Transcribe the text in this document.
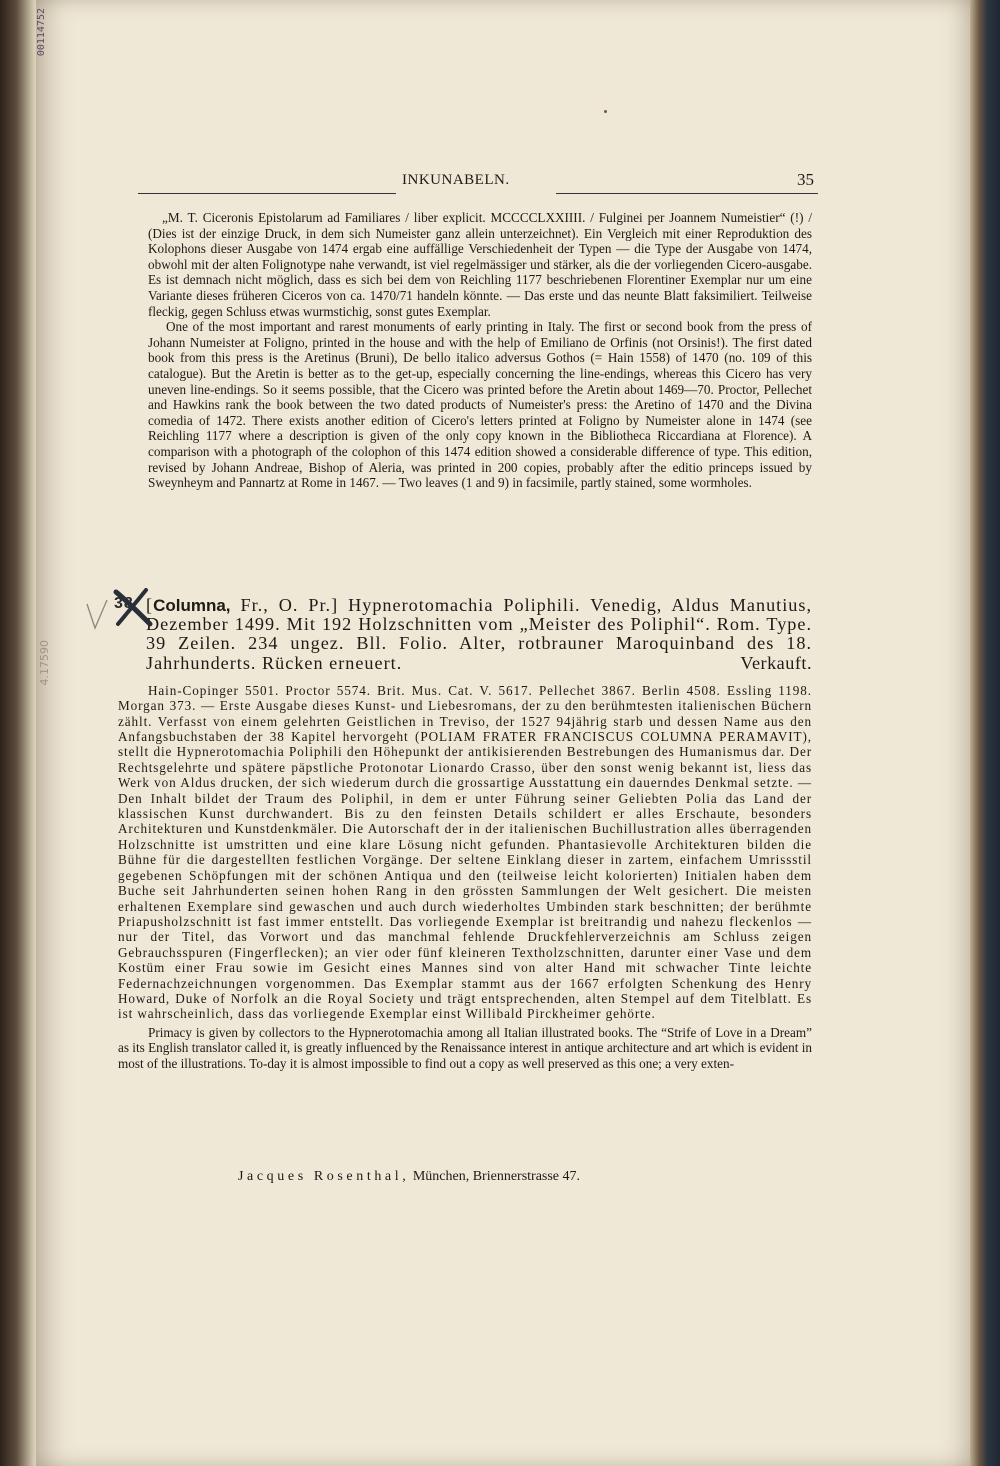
00114752
4.17590
INKUNABELN.	35

„M. T. Ciceronis Epistolarum ad Familiares / liber explicit. MCCCCLXXIIII. / Fulginei per Joannem Numeistier“ (!) / (Dies ist der einzige Druck, in dem sich Numeister ganz allein unterzeichnet). Ein Vergleich mit einer Reproduktion des Kolophons dieser Ausgabe von 1474 ergab eine auffällige Verschiedenheit der Typen — die Type der Ausgabe von 1474, obwohl mit der alten Folignotype nahe verwandt, ist viel regelmässiger und stärker, als die der vorliegenden Cicero-ausgabe. Es ist demnach nicht möglich, dass es sich bei dem von Reichling 1177 beschriebenen Florentiner Exemplar nur um eine Variante dieses früheren Ciceros von ca. 1470/71 handeln könnte. — Das erste und das neunte Blatt faksimiliert. Teilweise fleckig, gegen Schluss etwas wurmstichig, sonst gutes Exemplar.

One of the most important and rarest monuments of early printing in Italy. The first or second book from the press of Johann Numeister at Foligno, printed in the house and with the help of Emiliano de Orfinis (not Orsinis!). The first dated book from this press is the Aretinus (Bruni), De bello italico adversus Gothos (= Hain 1558) of 1470 (no. 109 of this catalogue). But the Aretin is better as to the get-up, especially concerning the line-endings, whereas this Cicero has very uneven line-endings. So it seems possible, that the Cicero was printed before the Aretin about 1469—70. Proctor, Pellechet and Hawkins rank the book between the two dated products of Numeister's press: the Aretino of 1470 and the Divina comedia of 1472. There exists another edition of Cicero's letters printed at Foligno by Numeister alone in 1474 (see Reichling 1177 where a description is given of the only copy known in the Bibliotheca Riccardiana at Florence). A comparison with a photograph of the colophon of this 1474 edition showed a considerable difference of type. This edition, revised by Johann Andreae, Bishop of Aleria, was printed in 200 copies, probably after the editio princeps issued by Sweynheym and Pannartz at Rome in 1467. — Two leaves (1 and 9) in facsimile, partly stained, some wormholes.

38 [Columna, Fr., O. Pr.] Hypnerotomachia Poliphili. Venedig, Aldus Manutius, Dezember 1499. Mit 192 Holzschnitten vom „Meister des Poliphil“. Rom. Type. 39 Zeilen. 234 ungez. Bll. Folio. Alter, rotbrauner Maroquinband des 18. Jahrhunderts. Rücken erneuert.	Verkauft.

Hain-Copinger 5501. Proctor 5574. Brit. Mus. Cat. V. 5617. Pellechet 3867. Berlin 4508. Essling 1198. Morgan 373. — Erste Ausgabe dieses Kunst- und Liebesromans, der zu den berühmtesten italienischen Büchern zählt. Verfasst von einem gelehrten Geistlichen in Treviso, der 1527 94jährig starb und dessen Name aus den Anfangsbuchstaben der 38 Kapitel hervorgeht (POLIAM FRATER FRANCISCUS COLUMNA PERAMAVIT), stellt die Hypnerotomachia Poliphili den Höhepunkt der antikisierenden Bestrebungen des Humanismus dar. Der Rechtsgelehrte und spätere päpstliche Protonotar Lionardo Crasso, über den sonst wenig bekannt ist, liess das Werk von Aldus drucken, der sich wiederum durch die grossartige Ausstattung ein dauerndes Denkmal setzte. — Den Inhalt bildet der Traum des Poliphil, in dem er unter Führung seiner Geliebten Polia das Land der klassischen Kunst durchwandert. Bis zu den feinsten Details schildert er alles Erschaute, besonders Architekturen und Kunstdenkmäler. Die Autorschaft der in der italienischen Buchillustration alles überragenden Holzschnitte ist umstritten und eine klare Lösung nicht gefunden. Phantasievolle Architekturen bilden die Bühne für die dargestellten festlichen Vorgänge. Der seltene Einklang dieser in zartem, einfachem Umrissstil gegebenen Schöpfungen mit der schönen Antiqua und den (teilweise leicht kolorierten) Initialen haben dem Buche seit Jahrhunderten seinen hohen Rang in den grössten Sammlungen der Welt gesichert. Die meisten erhaltenen Exemplare sind gewaschen und auch durch wiederholtes Umbinden stark beschnitten; der berühmte Priapusholzschnitt ist fast immer entstellt. Das vorliegende Exemplar ist breitrandig und nahezu fleckenlos — nur der Titel, das Vorwort und das manchmal fehlende Druckfehlerverzeichnis am Schluss zeigen Gebrauchsspuren (Fingerflecken); an vier oder fünf kleineren Textholzschnitten, darunter einer Vase und dem Kostüm einer Frau sowie im Gesicht eines Mannes sind von alter Hand mit schwacher Tinte leichte Federnachzeichnungen vorgenommen. Das Exemplar stammt aus der 1667 erfolgten Schenkung des Henry Howard, Duke of Norfolk an die Royal Society und trägt entsprechenden, alten Stempel auf dem Titelblatt. Es ist wahrscheinlich, dass das vorliegende Exemplar einst Willibald Pirckheimer gehörte.

Primacy is given by collectors to the Hypnerotomachia among all Italian illustrated books. The “Strife of Love in a Dream” as its English translator called it, is greatly influenced by the Renaissance interest in antique architecture and art which is evident in most of the illustrations. To-day it is almost impossible to find out a copy as well preserved as this one; a very exten-

Jacques Rosenthal, München, Briennerstrasse 47.
